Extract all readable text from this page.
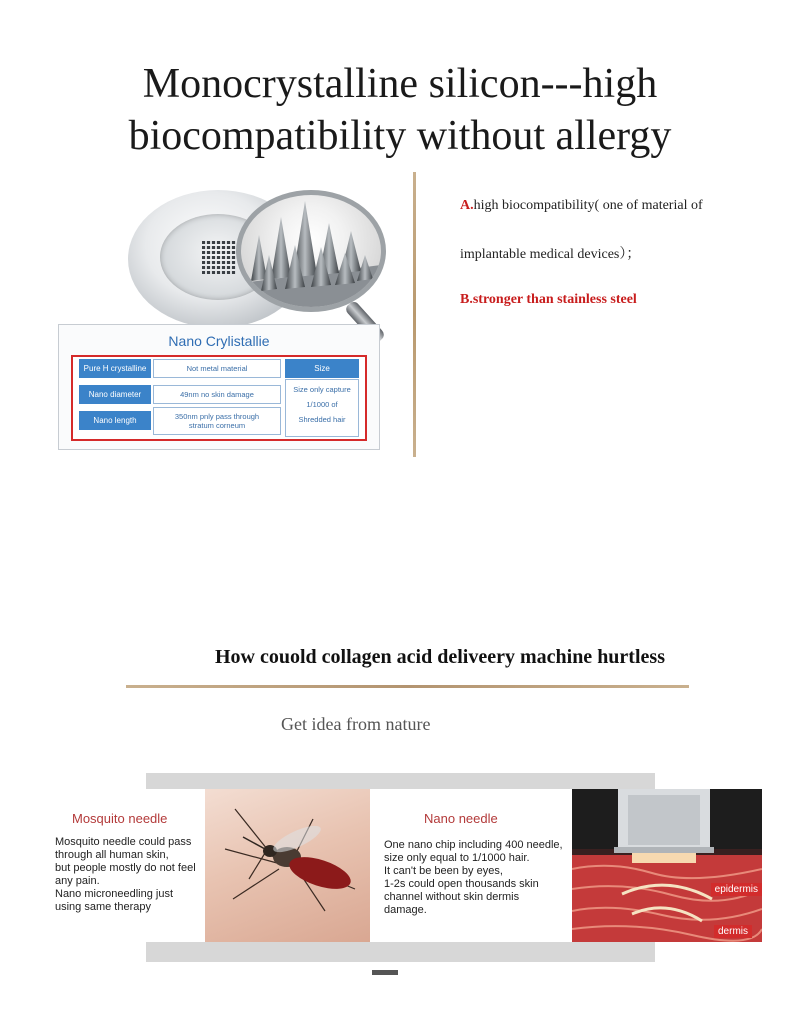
Monocrystalline silicon---high
biocompatibility without allergy
Nano Crylistallie
Pure H crystalline	Not metal material
Nano diameter	49nm no skin damage
Nano length	350nm pnly pass through
stratum corneum
Size
Size only capture
1/1000 of
Shredded hair
A.high biocompatibility( one of material of
implantable medical devices）；
B.stronger than stainless steel
How couold collagen acid deliveery machine hurtless
Get idea from nature
Mosquito needle
Mosquito needle could pass
through all human skin,
but people mostly do not feel
any pain.
Nano microneedling just
using same therapy
Nano needle
One nano chip including 400 needle,
size only equal to 1/1000 hair.
It can't be been by eyes,
1-2s could open thousands skin
channel without skin dermis
damage.
epidermis
dermis
